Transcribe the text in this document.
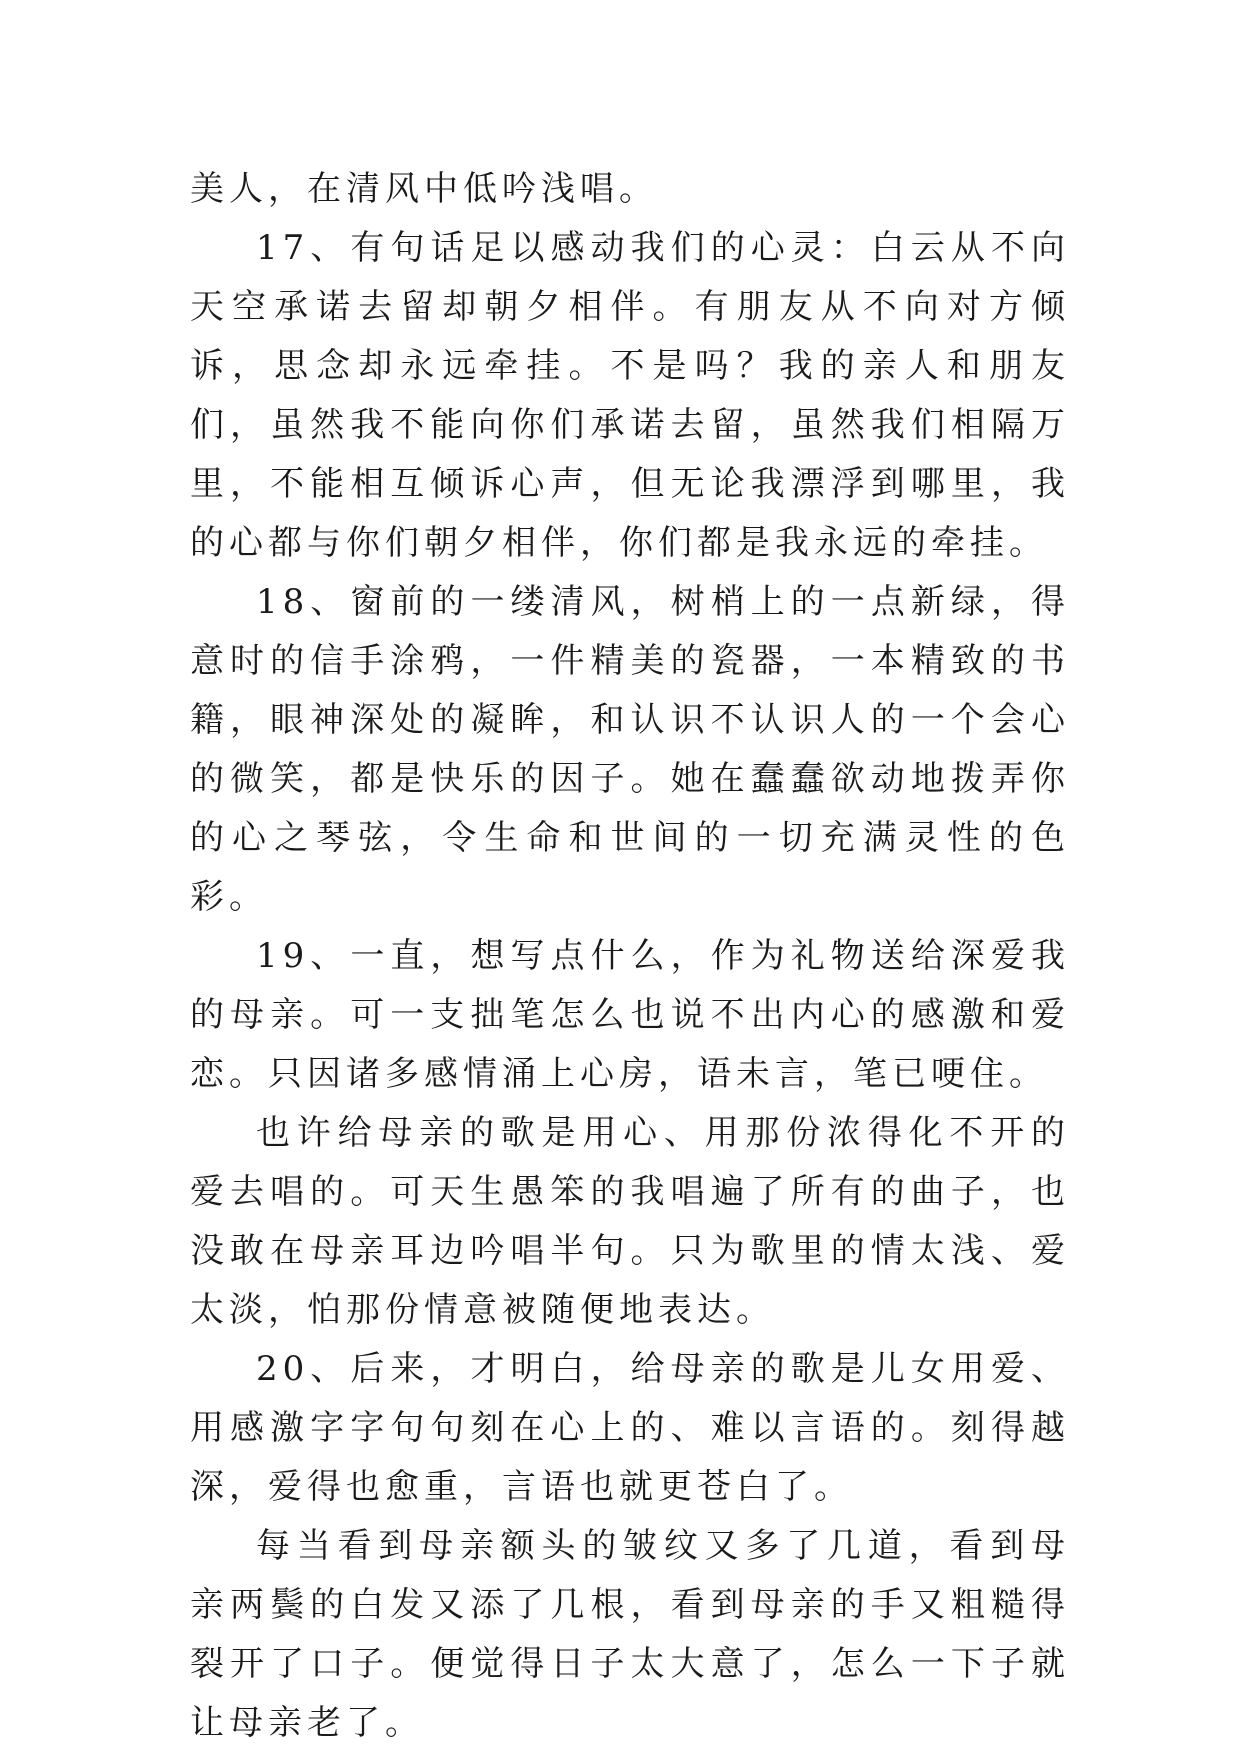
美人，在清风中低吟浅唱。

17、有句话足以感动我们的心灵：白云从不向天空承诺去留却朝夕相伴。有朋友从不向对方倾诉，思念却永远牵挂。不是吗？我的亲人和朋友们，虽然我不能向你们承诺去留，虽然我们相隔万里，不能相互倾诉心声，但无论我漂浮到哪里，我的心都与你们朝夕相伴，你们都是我永远的牵挂。

18、窗前的一缕清风，树梢上的一点新绿，得意时的信手涂鸦，一件精美的瓷器，一本精致的书籍，眼神深处的凝眸，和认识不认识人的一个会心的微笑，都是快乐的因子。她在蠢蠢欲动地拨弄你的心之琴弦，令生命和世间的一切充满灵性的色彩。

19、一直，想写点什么，作为礼物送给深爱我的母亲。可一支拙笔怎么也说不出内心的感激和爱恋。只因诸多感情涌上心房，语未言，笔已哽住。

也许给母亲的歌是用心、用那份浓得化不开的爱去唱的。可天生愚笨的我唱遍了所有的曲子，也没敢在母亲耳边吟唱半句。只为歌里的情太浅、爱太淡，怕那份情意被随便地表达。

20、后来，才明白，给母亲的歌是儿女用爱、用感激字字句句刻在心上的、难以言语的。刻得越深，爱得也愈重，言语也就更苍白了。

每当看到母亲额头的皱纹又多了几道，看到母亲两鬓的白发又添了几根，看到母亲的手又粗糙得裂开了口子。便觉得日子太大意了，怎么一下子就让母亲老了。
